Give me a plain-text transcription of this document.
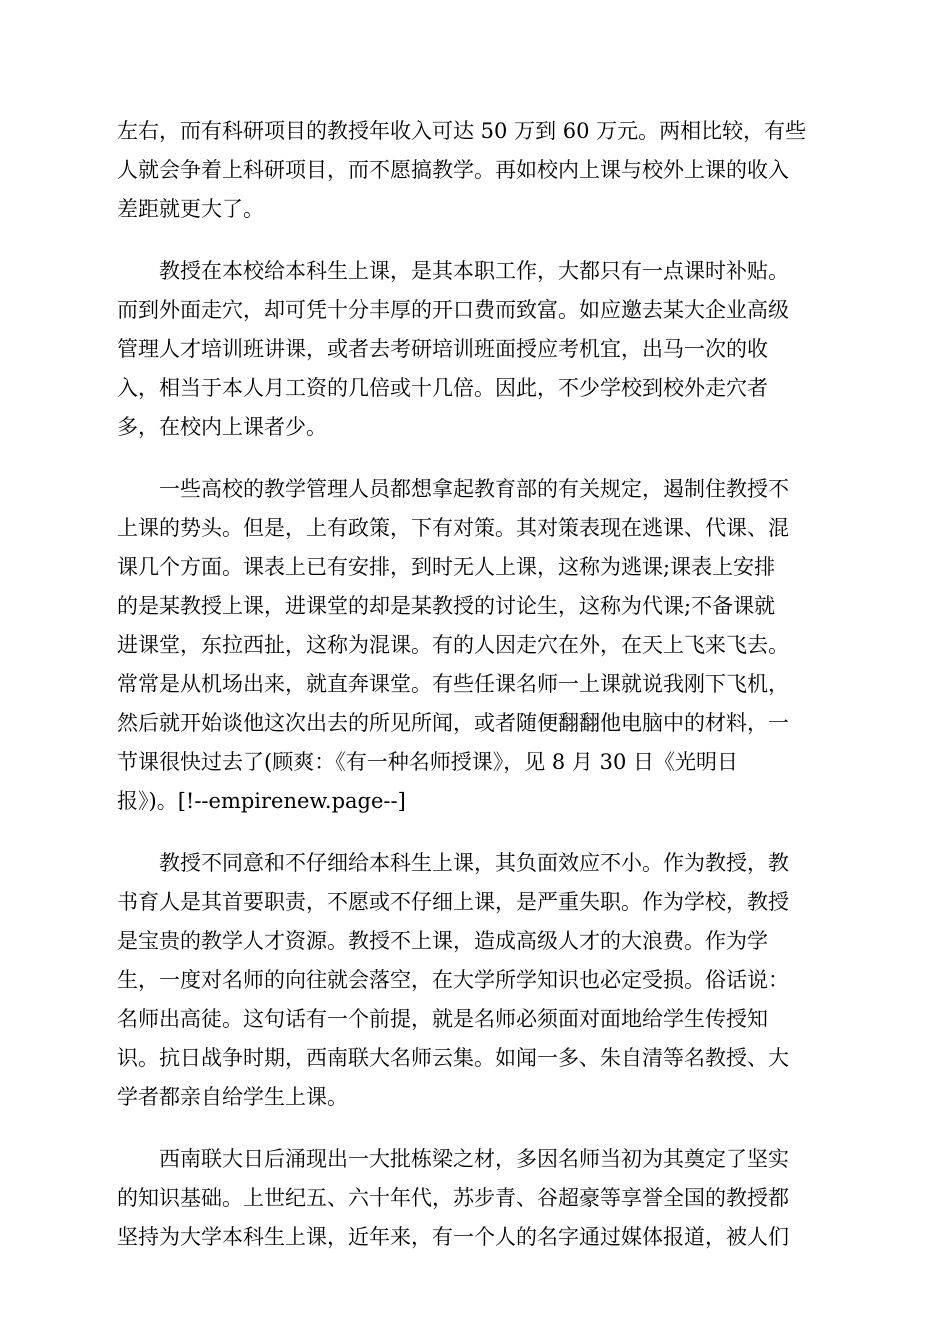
左右，而有科研项目的教授年收入可达 50 万到 60 万元。两相比较，有些
人就会争着上科研项目，而不愿搞教学。再如校内上课与校外上课的收入
差距就更大了。

　　教授在本校给本科生上课，是其本职工作，大都只有一点课时补贴。
而到外面走穴，却可凭十分丰厚的开口费而致富。如应邀去某大企业高级
管理人才培训班讲课，或者去考研培训班面授应考机宜，出马一次的收
入，相当于本人月工资的几倍或十几倍。因此，不少学校到校外走穴者
多，在校内上课者少。

　　一些高校的教学管理人员都想拿起教育部的有关规定，遏制住教授不
上课的势头。但是，上有政策，下有对策。其对策表现在逃课、代课、混
课几个方面。课表上已有安排，到时无人上课，这称为逃课;课表上安排
的是某教授上课，进课堂的却是某教授的讨论生，这称为代课;不备课就
进课堂，东拉西扯，这称为混课。有的人因走穴在外，在天上飞来飞去。
常常是从机场出来，就直奔课堂。有些任课名师一上课就说我刚下飞机，
然后就开始谈他这次出去的所见所闻，或者随便翻翻他电脑中的材料，一
节课很快过去了(顾爽：《有一种名师授课》，见 8 月 30 日《光明日
报》)。[!--empirenew.page--]

　　教授不同意和不仔细给本科生上课，其负面效应不小。作为教授，教
书育人是其首要职责，不愿或不仔细上课，是严重失职。作为学校，教授
是宝贵的教学人才资源。教授不上课，造成高级人才的大浪费。作为学
生，一度对名师的向往就会落空，在大学所学知识也必定受损。俗话说：
名师出高徒。这句话有一个前提，就是名师必须面对面地给学生传授知
识。抗日战争时期，西南联大名师云集。如闻一多、朱自清等名教授、大
学者都亲自给学生上课。

　　西南联大日后涌现出一大批栋梁之材，多因名师当初为其奠定了坚实
的知识基础。上世纪五、六十年代，苏步青、谷超豪等享誉全国的教授都
坚持为大学本科生上课，近年来，有一个人的名字通过媒体报道，被人们
